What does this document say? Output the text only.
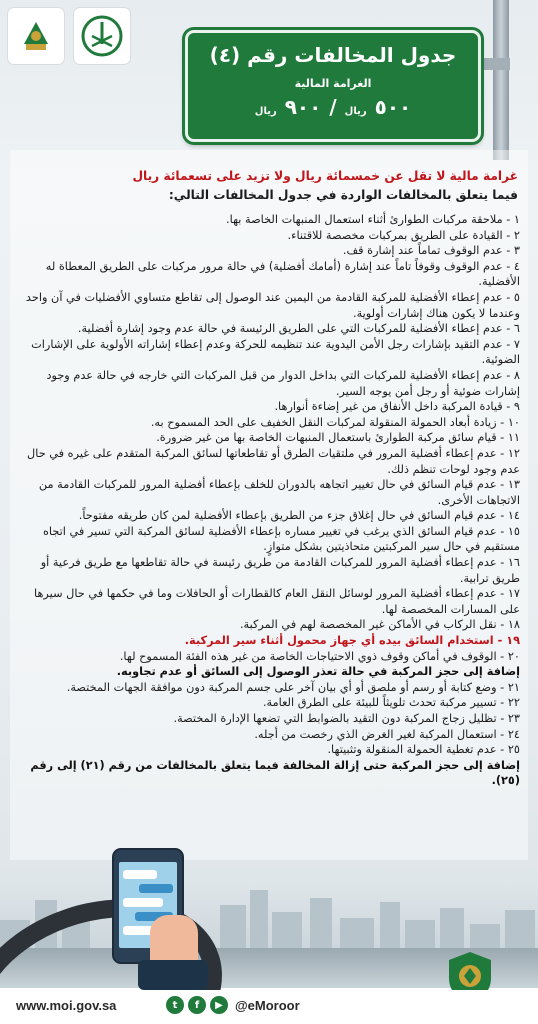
جدول المخالفات رقم (٤)
الغرامة المالية
٥٠٠
ريال
/
٩٠٠
ريال
غرامة مالية لا تقل عن خمسمائة ريال ولا تزيد على تسعمائة ريال
فيما يتعلق بالمخالفات الواردة في جدول المخالفات التالي:
١ - ملاحقة مركبات الطوارئ أثناء استعمال المنبهات الخاصة بها.
٢ - القيادة على الطريق بمركبات مخصصة للاقتناء.
٣ - عدم الوقوف تماماً عند إشارة قف.
٤ - عدم الوقوف وقوفاً تاماً عند إشارة (أمامك أفضلية) في حالة مرور مركبات على الطريق المعطاة له الأفضلية.
٥ - عدم إعطاء الأفضلية للمركبة القادمة من اليمين عند الوصول إلى تقاطع متساوي الأفضليات في آن واحد وعندما لا يكون هناك إشارات أولوية.
٦ - عدم إعطاء الأفضلية للمركبات التي على الطريق الرئيسة في حالة عدم وجود إشارة أفضلية.
٧ - عدم التقيد بإشارات رجل الأمن اليدوية عند تنظيمه للحركة وعدم إعطاء إشاراته الأولوية على الإشارات الضوئية.
٨ - عدم إعطاء الأفضلية للمركبات التي بداخل الدوار من قبل المركبات التي خارجه في حالة عدم وجود إشارات ضوئية أو رجل أمن يوجه السير.
٩ - قيادة المركبة داخل الأنفاق من غير إضاءة أنوارها.
١٠ - زيادة أبعاد الحمولة المنقولة لمركبات النقل الخفيف على الحد المسموح به.
١١ - قيام سائق مركبة الطوارئ باستعمال المنبهات الخاصة بها من غير ضرورة.
١٢ - عدم إعطاء أفضلية المرور في ملتقيات الطرق أو تقاطعاتها لسائق المركبة المتقدم على غيره في حال عدم وجود لوحات تنظم ذلك.
١٣ - عدم قيام السائق في حال تغيير اتجاهه بالدوران للخلف بإعطاء أفضلية المرور للمركبات القادمة من الاتجاهات الأخرى.
١٤ - عدم قيام السائق في حال إغلاق جزء من الطريق بإعطاء الأفضلية لمن كان طريقه مفتوحاً.
١٥ - عدم قيام السائق الذي يرغب في تغيير مساره بإعطاء الأفضلية لسائق المركبة التي تسير في اتجاه مستقيم في حال سير المركبتين متحاذيتين بشكل متوازٍ.
١٦ - عدم إعطاء أفضلية المرور للمركبات القادمة من طريق رئيسة في حالة تقاطعها مع طريق فرعية أو طريق ترابية.
١٧ - عدم إعطاء أفضلية المرور لوسائل النقل العام كالقطارات أو الحافلات وما في حكمها في حال سيرها على المسارات المخصصة لها.
١٨ - نقل الركاب في الأماكن غير المخصصة لهم في المركبة.
١٩ - استخدام السائق بيده أي جهاز محمول أثناء سير المركبة.
٢٠ - الوقوف في أماكن وقوف ذوي الاحتياجات الخاصة من غير هذه الفئة المسموح لها.
إضافة إلى حجز المركبة في حالة تعذر الوصول إلى السائق أو عدم تجاوبه.
٢١ - وضع كتابة أو رسم أو ملصق أو أي بيان آخر على جسم المركبة دون موافقة الجهات المختصة.
٢٢ - تسيير مركبة تحدث تلويثاً للبيئة على الطرق العامة.
٢٣ - تظليل زجاج المركبة دون التقيد بالضوابط التي تضعها الإدارة المختصة.
٢٤ - استعمال المركبة لغير الغرض الذي رخصت من أجله.
٢٥ - عدم تغطية الحمولة المنقولة وتثبيتها.
إضافة إلى حجز المركبة حتى إزالة المخالفة فيما يتعلق بالمخالفات من رقم (٢١) إلى رقم (٢٥).
www.moi.gov.sa	t	f	▶ @eMoroor
